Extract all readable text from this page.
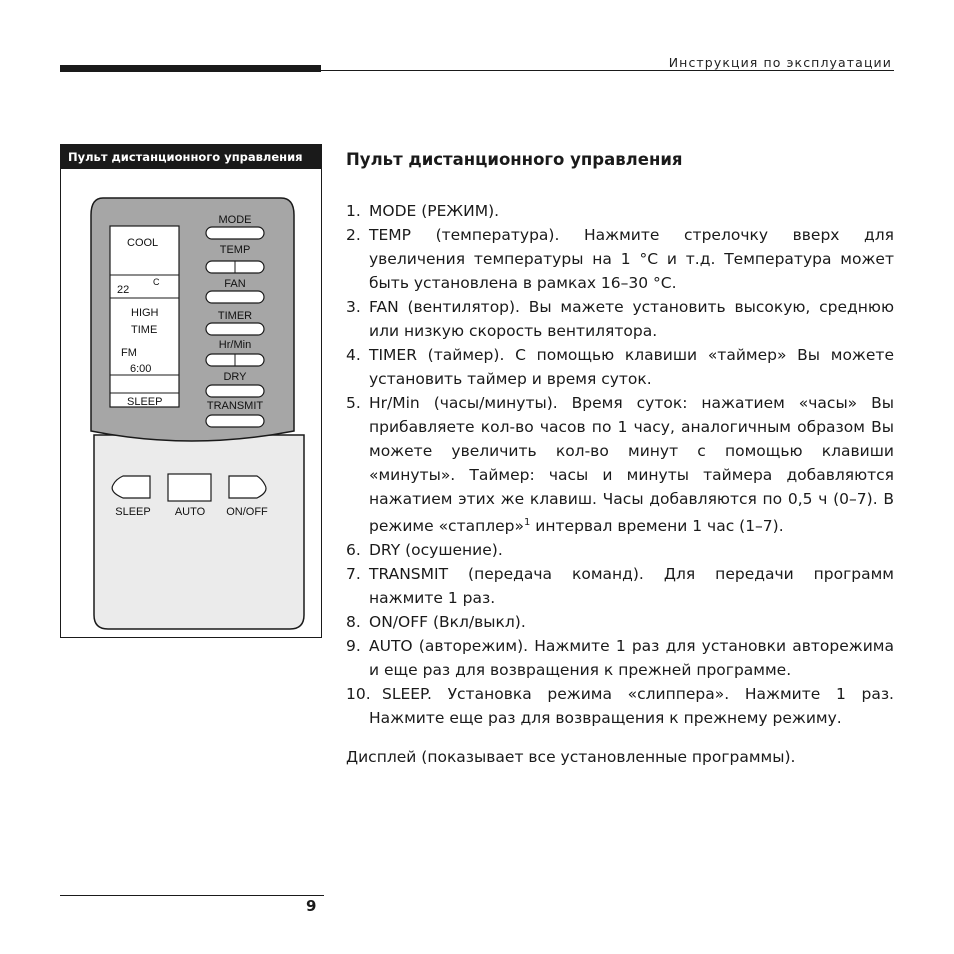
Инструкция по эксплуатации
Пульт дистанционного управления
COOL
C
22
HIGH
TIME
FM
6:00
SLEEP
MODE
TEMP
FAN
TIMER
Hr/Min
DRY
TRANSMIT
SLEEP AUTO ON/OFF
Пульт дистанционного управления
1. MODE (РЕЖИМ).
2. TEMP (температура). Нажмите стрелочку вверх для увеличения температуры на 1 °C и т.д. Температура может быть установлена в рамках 16–30 °C.
3. FAN (вентилятор). Вы мажете установить высокую, среднюю или низкую скорость вентилятора.
4. TIMER (таймер). С помощью клавиши «таймер» Вы можете установить таймер и время суток.
5. Hr/Min (часы/минуты). Время суток: нажатием «часы» Вы прибавляете кол-во часов по 1 часу, аналогичным образом Вы можете увеличить кол-во минут с помощью клавиши «минуты». Таймер: часы и минуты таймера добавляются нажатием этих же клавиш. Часы добавляются по 0,5 ч (0–7). В режиме «стаплер»$^1$ интервал времени 1 час (1–7).
6. DRY (осушение).
7. TRANSMIT (передача команд). Для передачи программ нажмите 1 раз.
8. ON/OFF (Вкл/выкл).
9. AUTO (авторежим). Нажмите 1 раз для установки авторежима и еще раз для возвращения к прежней программе.
10. SLEEP. Установка режима «слиппера». Нажмите 1 раз. Нажмите еще раз для возвращения к прежнему режиму.
Дисплей (показывает все установленные программы).
9
